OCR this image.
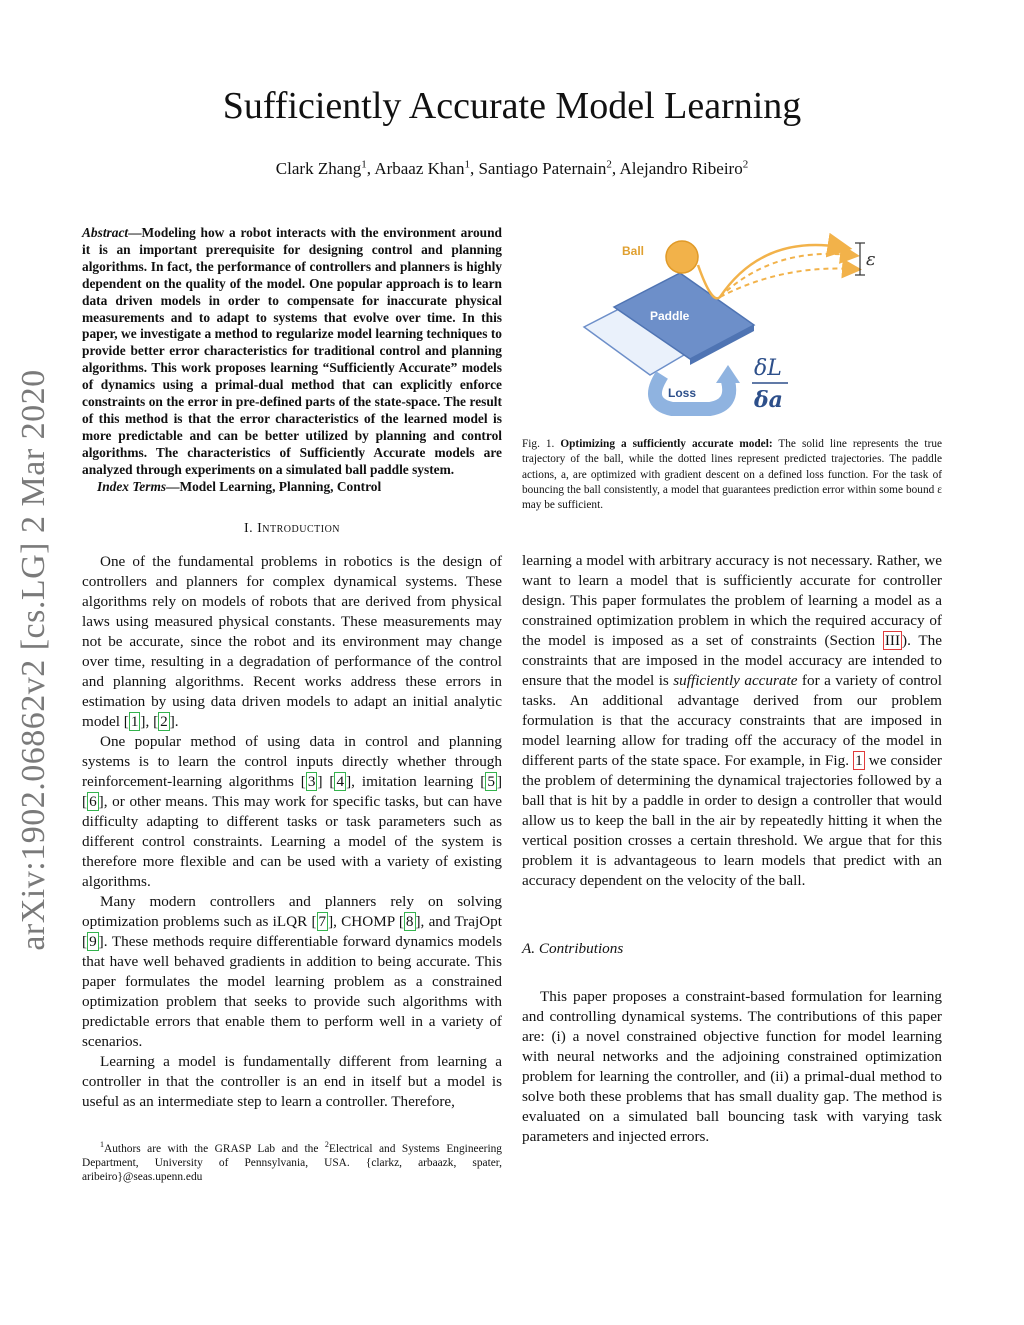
arXiv:1902.06862v2 [cs.LG] 2 Mar 2020
Sufficiently Accurate Model Learning
Clark Zhang$^1$, Arbaaz Khan$^1$, Santiago Paternain$^2$, Alejandro Ribeiro$^2$

Abstract—Modeling how a robot interacts with the environment around it is an important prerequisite for designing control and planning algorithms. In fact, the performance of controllers and planners is highly dependent on the quality of the model. One popular approach is to learn data driven models in order to compensate for inaccurate physical measurements and to adapt to systems that evolve over time. In this paper, we investigate a method to regularize model learning techniques to provide better error characteristics for traditional control and planning algorithms. This work proposes learning “Sufficiently Accurate” models of dynamics using a primal-dual method that can explicitly enforce constraints on the error in pre-defined parts of the state-space. The result of this method is that the error characteristics of the learned model is more predictable and can be better utilized by planning and control algorithms. The characteristics of Sufficiently Accurate models are analyzed through experiments on a simulated ball paddle system.

Index Terms—Model Learning, Planning, Control

I. Introduction

One of the fundamental problems in robotics is the design of controllers and planners for complex dynamical systems. These algorithms rely on models of robots that are derived from physical laws using measured physical constants. These measurements may not be accurate, since the robot and its environment may change over time, resulting in a degradation of performance of the control and planning algorithms. Recent works address these errors in estimation by using data driven models to adapt an initial analytic model [ 1 ], [ 2 ].

One popular method of using data in control and planning systems is to learn the control inputs directly whether through reinforcement-learning algorithms [ 3 ] [ 4 ], imitation learning [ 5 ] [ 6 ], or other means. This may work for specific tasks, but can have difficulty adapting to different tasks or task parameters such as different control constraints. Learning a model of the system is therefore more flexible and can be used with a variety of existing algorithms.

Many modern controllers and planners rely on solving optimization problems such as iLQR [ 7 ], CHOMP [ 8 ], and TrajOpt [ 9 ]. These methods require differentiable forward dynamics models that have well behaved gradients in addition to being accurate. This paper formulates the model learning problem as a constrained optimization problem that seeks to provide such algorithms with predictable errors that enable them to perform well in a variety of scenarios.

Learning a model is fundamentally different from learning a controller in that the controller is an end in itself but a model is useful as an intermediate step to learn a controller. Therefore,

$^1$Authors are with the GRASP Lab and the $^2$Electrical and Systems Engineering Department, University of Pennsylvania, USA. {clarkz, arbaazk, spater, aribeiro}@seas.upenn.edu

Paddle
Ball	ε
Loss
δL
δa

Fig. 1. Optimizing a sufficiently accurate model: The solid line represents the true trajectory of the ball, while the dotted lines represent predicted trajectories. The paddle actions, a, are optimized with gradient descent on a defined loss function. For the task of bouncing the ball consistently, a model that guarantees prediction error within some bound ε may be sufficient.

learning a model with arbitrary accuracy is not necessary. Rather, we want to learn a model that is sufficiently accurate for controller design. This paper formulates the problem of learning a model as a constrained optimization problem in which the required accuracy of the model is imposed as a set of constraints (Section III ). The constraints that are imposed in the model accuracy are intended to ensure that the model is sufficiently accurate for a variety of control tasks. An additional advantage derived from our problem formulation is that the accuracy constraints that are imposed in model learning allow for trading off the accuracy of the model in different parts of the state space. For example, in Fig. 1 we consider the problem of determining the dynamical trajectories followed by a ball that is hit by a paddle in order to design a controller that would allow us to keep the ball in the air by repeatedly hitting it when the vertical position crosses a certain threshold. We argue that for this problem it is advantageous to learn models that predict with an accuracy dependent on the velocity of the ball.

A. Contributions

This paper proposes a constraint-based formulation for learning and controlling dynamical systems. The contributions of this paper are: (i) a novel constrained objective function for model learning with neural networks and the adjoining constrained optimization problem for learning the controller, and (ii) a primal-dual method to solve both these problems that has small duality gap. The method is evaluated on a simulated ball bouncing task with varying task parameters and injected errors.
